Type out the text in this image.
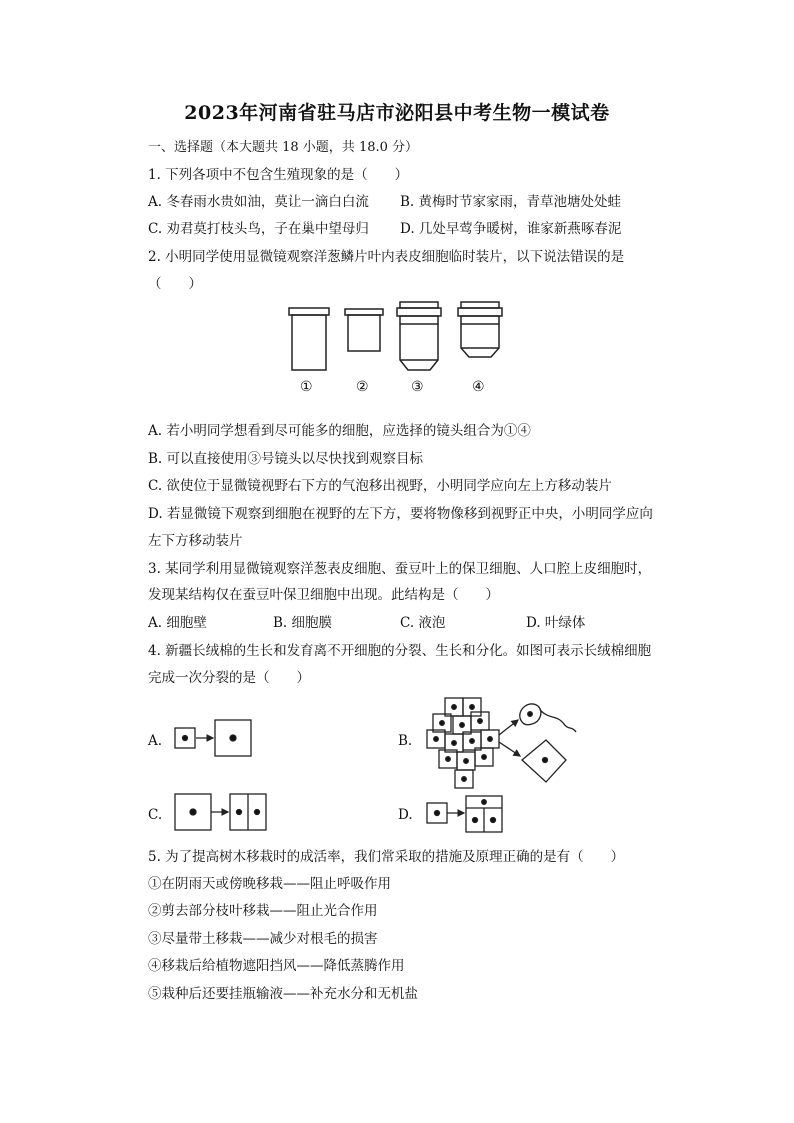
2023年河南省驻马店市泌阳县中考生物一模试卷
一、选择题（本大题共 18 小题，共 18.0 分）
1. 下列各项中不包含生殖现象的是（　　）
A. 冬春雨水贵如油，莫让一滴白白流 B. 黄梅时节家家雨，青草池塘处处蛙
C. 劝君莫打枝头鸟，子在巢中望母归 D. 几处早莺争暖树，谁家新燕啄春泥
2. 小明同学使用显微镜观察洋葱鳞片叶内表皮细胞临时装片，以下说法错误的是
（　　）
①	②	③	④
A. 若小明同学想看到尽可能多的细胞，应选择的镜头组合为①④
B. 可以直接使用③号镜头以尽快找到观察目标
C. 欲使位于显微镜视野右下方的气泡移出视野，小明同学应向左上方移动装片
D. 若显微镜下观察到细胞在视野的左下方，要将物像移到视野正中央，小明同学应向
左下方移动装片
3. 某同学利用显微镜观察洋葱表皮细胞、蚕豆叶上的保卫细胞、人口腔上皮细胞时，
发现某结构仅在蚕豆叶保卫细胞中出现。此结构是（　　）
A. 细胞壁	B. 细胞膜	C. 液泡	D. 叶绿体
4. 新疆长绒棉的生长和发育离不开细胞的分裂、生长和分化。如图可表示长绒棉细胞
完成一次分裂的是（　　）
A.	B.
C.	D.
5. 为了提高树木移栽时的成活率，我们常采取的措施及原理正确的是有（　　）
①在阴雨天或傍晚移栽——阻止呼吸作用
②剪去部分枝叶移栽——阻止光合作用
③尽量带土移栽——减少对根毛的损害
④移栽后给植物遮阳挡风——降低蒸腾作用
⑤栽种后还要挂瓶输液——补充水分和无机盐
